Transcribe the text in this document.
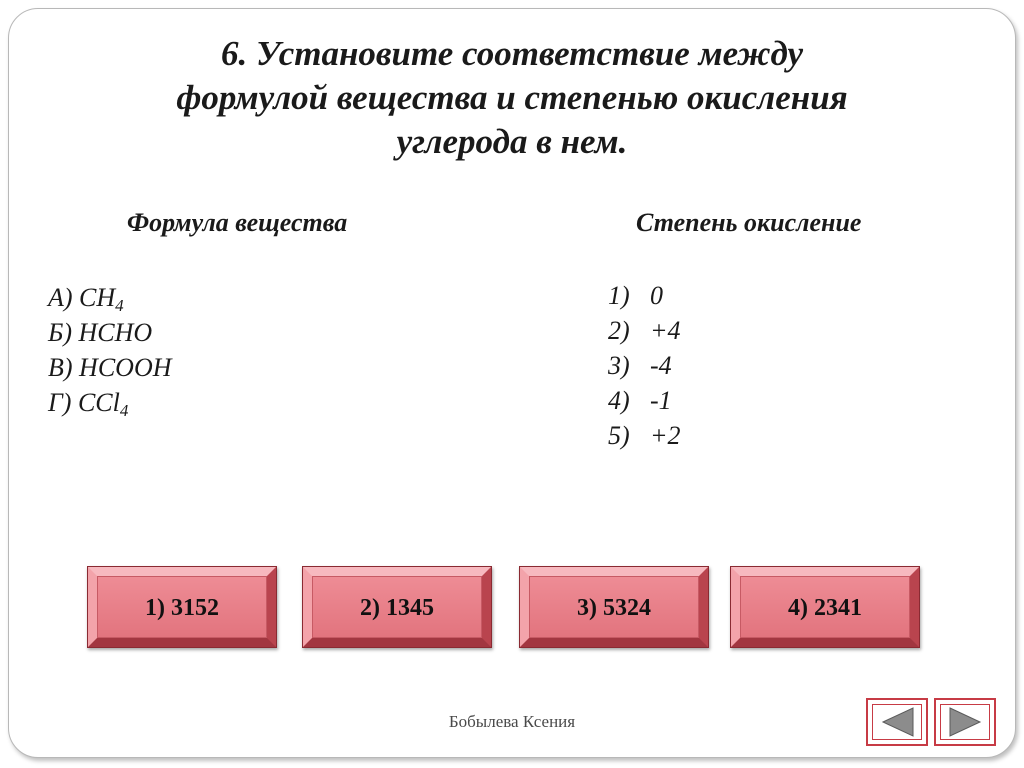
6. Установите соответствие между
формулой вещества и степенью окисления
углерода в нем.
Формула вещества	Степень окисление
А) $CH_4$
Б) HCHO
В) HCOOH
Г) CCl$_4$
1) 0
2) +4
3) -4
4) -1
5) +2
1) 3152	2) 1345	3) 5324	4) 2341
Бобылева Ксения
